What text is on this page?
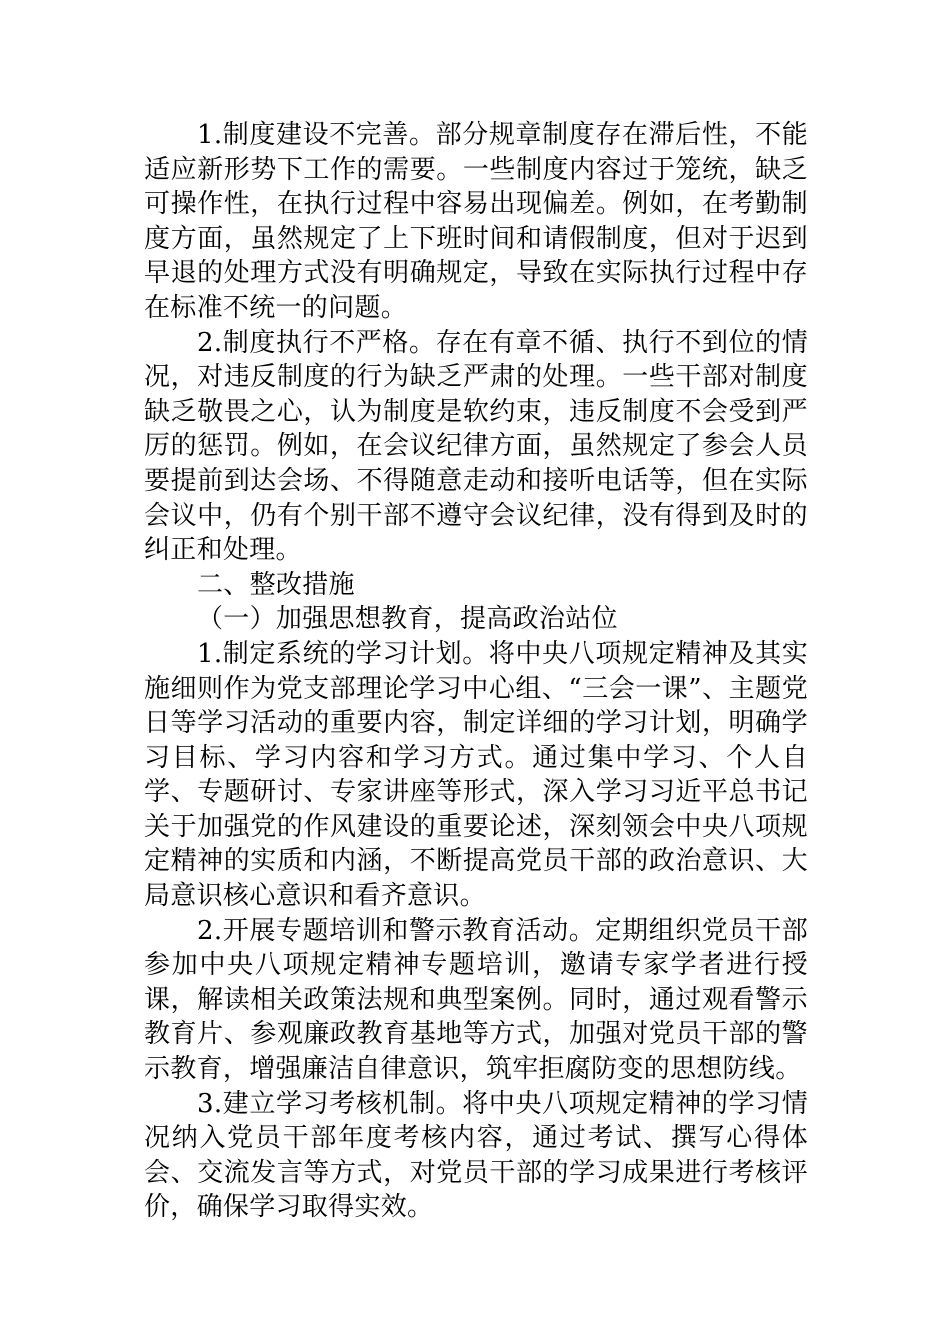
1.制度建设不完善。部分规章制度存在滞后性，不能适应新形势下工作的需要。一些制度内容过于笼统，缺乏可操作性，在执行过程中容易出现偏差。例如，在考勤制度方面，虽然规定了上下班时间和请假制度，但对于迟到早退的处理方式没有明确规定，导致在实际执行过程中存在标准不统一的问题。

2.制度执行不严格。存在有章不循、执行不到位的情况，对违反制度的行为缺乏严肃的处理。一些干部对制度缺乏敬畏之心，认为制度是软约束，违反制度不会受到严厉的惩罚。例如，在会议纪律方面，虽然规定了参会人员要提前到达会场、不得随意走动和接听电话等，但在实际会议中，仍有个别干部不遵守会议纪律，没有得到及时的纠正和处理。

二、整改措施

（一）加强思想教育，提高政治站位

1.制定系统的学习计划。将中央八项规定精神及其实施细则作为党支部理论学习中心组、“三会一课”、主题党日等学习活动的重要内容，制定详细的学习计划，明确学习目标、学习内容和学习方式。通过集中学习、个人自学、专题研讨、专家讲座等形式，深入学习习近平总书记关于加强党的作风建设的重要论述，深刻领会中央八项规定精神的实质和内涵，不断提高党员干部的政治意识、大局意识核心意识和看齐意识。

2.开展专题培训和警示教育活动。定期组织党员干部参加中央八项规定精神专题培训，邀请专家学者进行授课，解读相关政策法规和典型案例。同时，通过观看警示教育片、参观廉政教育基地等方式，加强对党员干部的警示教育，增强廉洁自律意识，筑牢拒腐防变的思想防线。

3.建立学习考核机制。将中央八项规定精神的学习情况纳入党员干部年度考核内容，通过考试、撰写心得体会、交流发言等方式，对党员干部的学习成果进行考核评价，确保学习取得实效。
